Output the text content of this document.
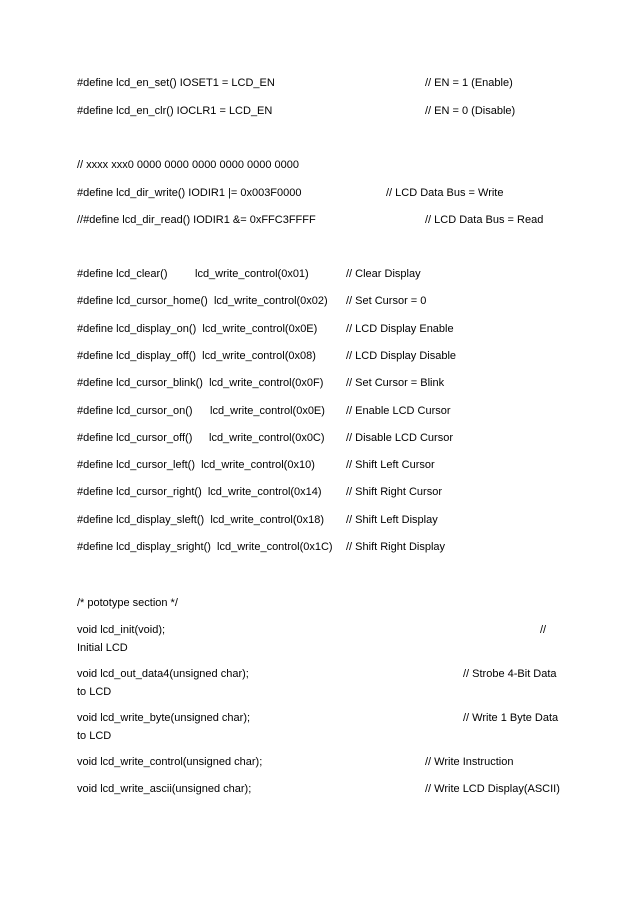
#define lcd_en_set() IOSET1 = LCD_EN	// EN = 1 (Enable)
#define lcd_en_clr() IOCLR1 = LCD_EN	// EN = 0 (Disable)
// xxxx xxx0 0000 0000 0000 0000 0000 0000
#define lcd_dir_write() IODIR1 |= 0x003F0000	// LCD Data Bus = Write
//#define lcd_dir_read() IODIR1 &= 0xFFC3FFFF	// LCD Data Bus = Read
#define lcd_clear()	lcd_write_control(0x01)	// Clear Display
#define lcd_cursor_home() lcd_write_control(0x02) // Set Cursor = 0
#define lcd_display_on() lcd_write_control(0x0E)	// LCD Display Enable
#define lcd_display_off() lcd_write_control(0x08)	// LCD Display Disable
#define lcd_cursor_blink() lcd_write_control(0x0F) // Set Cursor = Blink
#define lcd_cursor_on() lcd_write_control(0x0E) // Enable LCD Cursor
#define lcd_cursor_off() lcd_write_control(0x0C) // Disable LCD Cursor
#define lcd_cursor_left() lcd_write_control(0x10)	// Shift Left Cursor
#define lcd_cursor_right() lcd_write_control(0x14) // Shift Right Cursor
#define lcd_display_sleft() lcd_write_control(0x18) // Shift Left Display
#define lcd_display_sright() lcd_write_control(0x1C) // Shift Right Display
/* pototype section */
void lcd_init(void);	//
Initial LCD
void lcd_out_data4(unsigned char);	// Strobe 4-Bit Data
to LCD
void lcd_write_byte(unsigned char);	// Write 1 Byte Data
to LCD
void lcd_write_control(unsigned char);	// Write Instruction
void lcd_write_ascii(unsigned char);	// Write LCD Display(ASCII)
